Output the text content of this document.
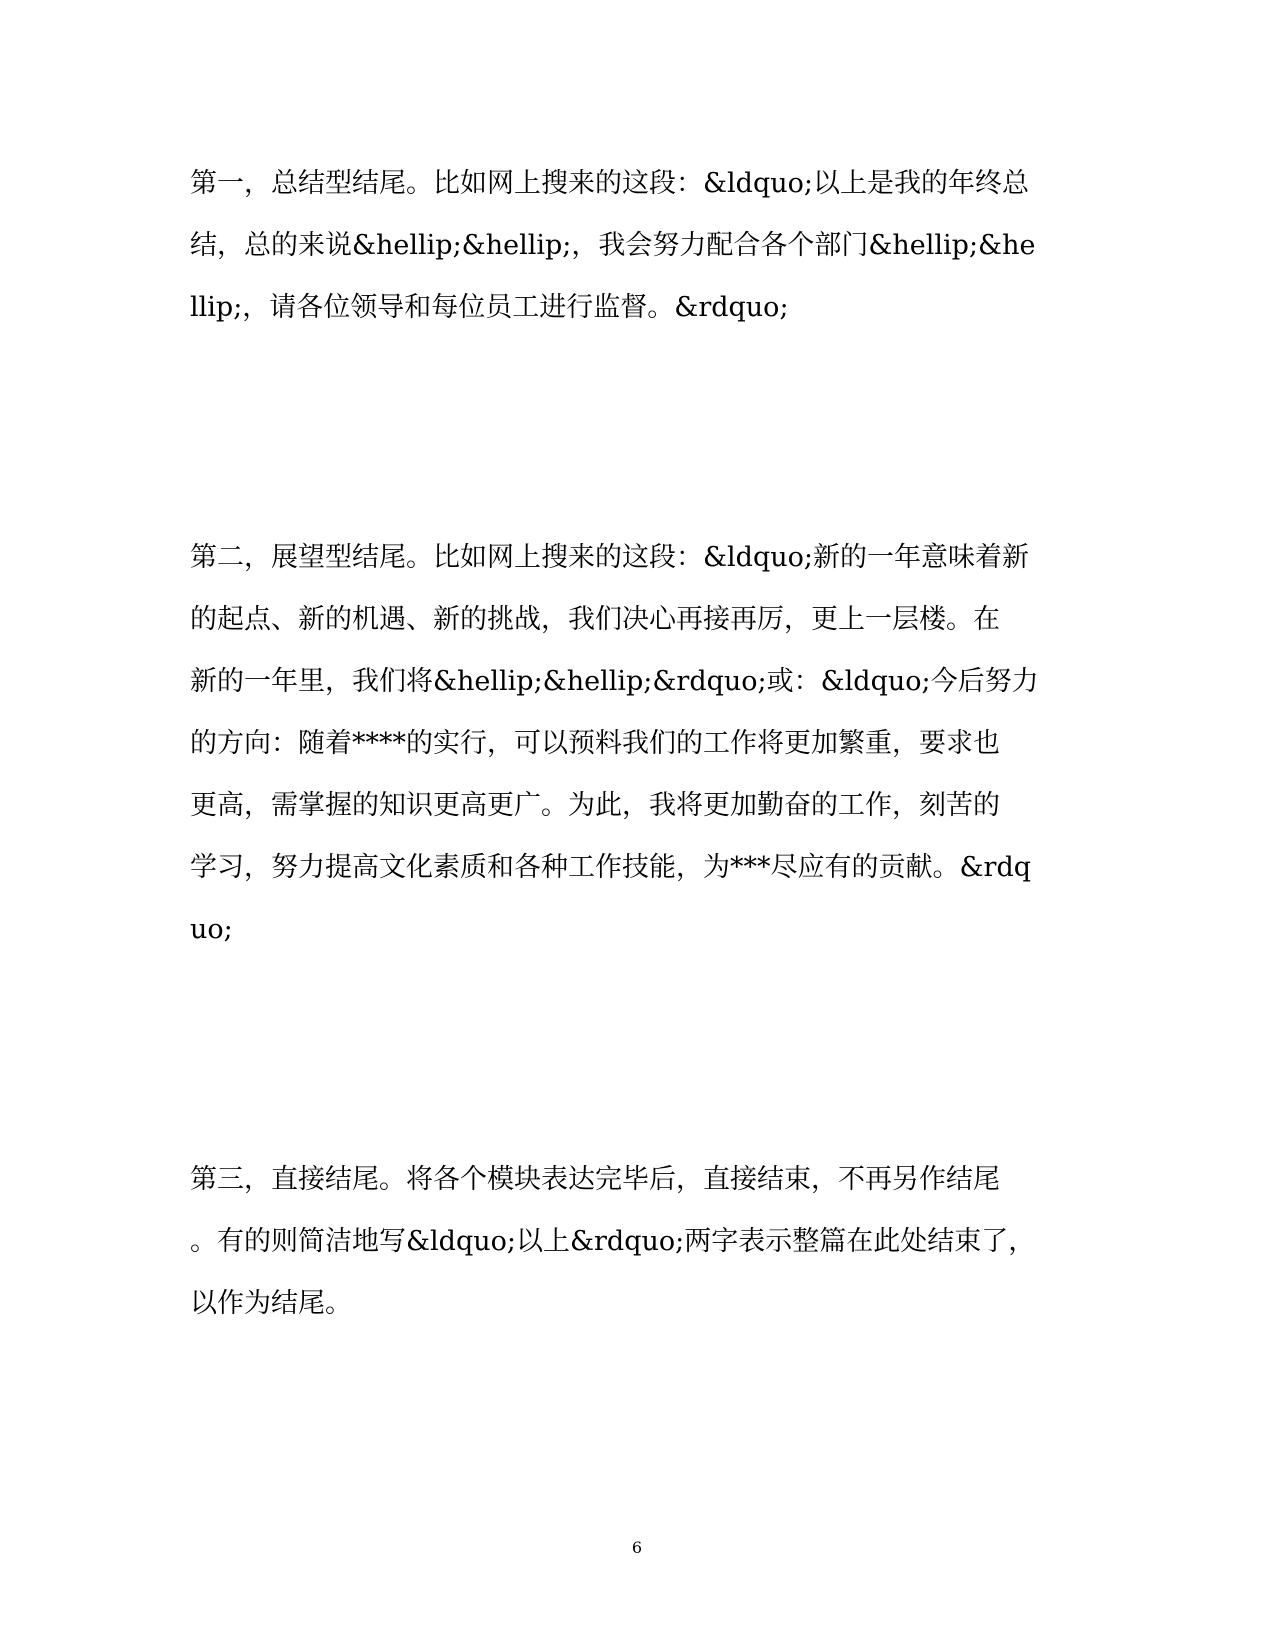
第一，总结型结尾。比如网上搜来的这段：&ldquo;以上是我的年终总
结，总的来说&hellip;&hellip;，我会努力配合各个部门&hellip;&he
llip;，请各位领导和每位员工进行监督。&rdquo;
第二，展望型结尾。比如网上搜来的这段：&ldquo;新的一年意味着新
的起点、新的机遇、新的挑战，我们决心再接再厉，更上一层楼。在
新的一年里，我们将&hellip;&hellip;&rdquo;或：&ldquo;今后努力
的方向：随着****的实行，可以预料我们的工作将更加繁重，要求也
更高，需掌握的知识更高更广。为此，我将更加勤奋的工作，刻苦的
学习，努力提高文化素质和各种工作技能，为***尽应有的贡献。&rdq
uo;
第三，直接结尾。将各个模块表达完毕后，直接结束，不再另作结尾
。有的则简洁地写&ldquo;以上&rdquo;两字表示整篇在此处结束了，
以作为结尾。
6
